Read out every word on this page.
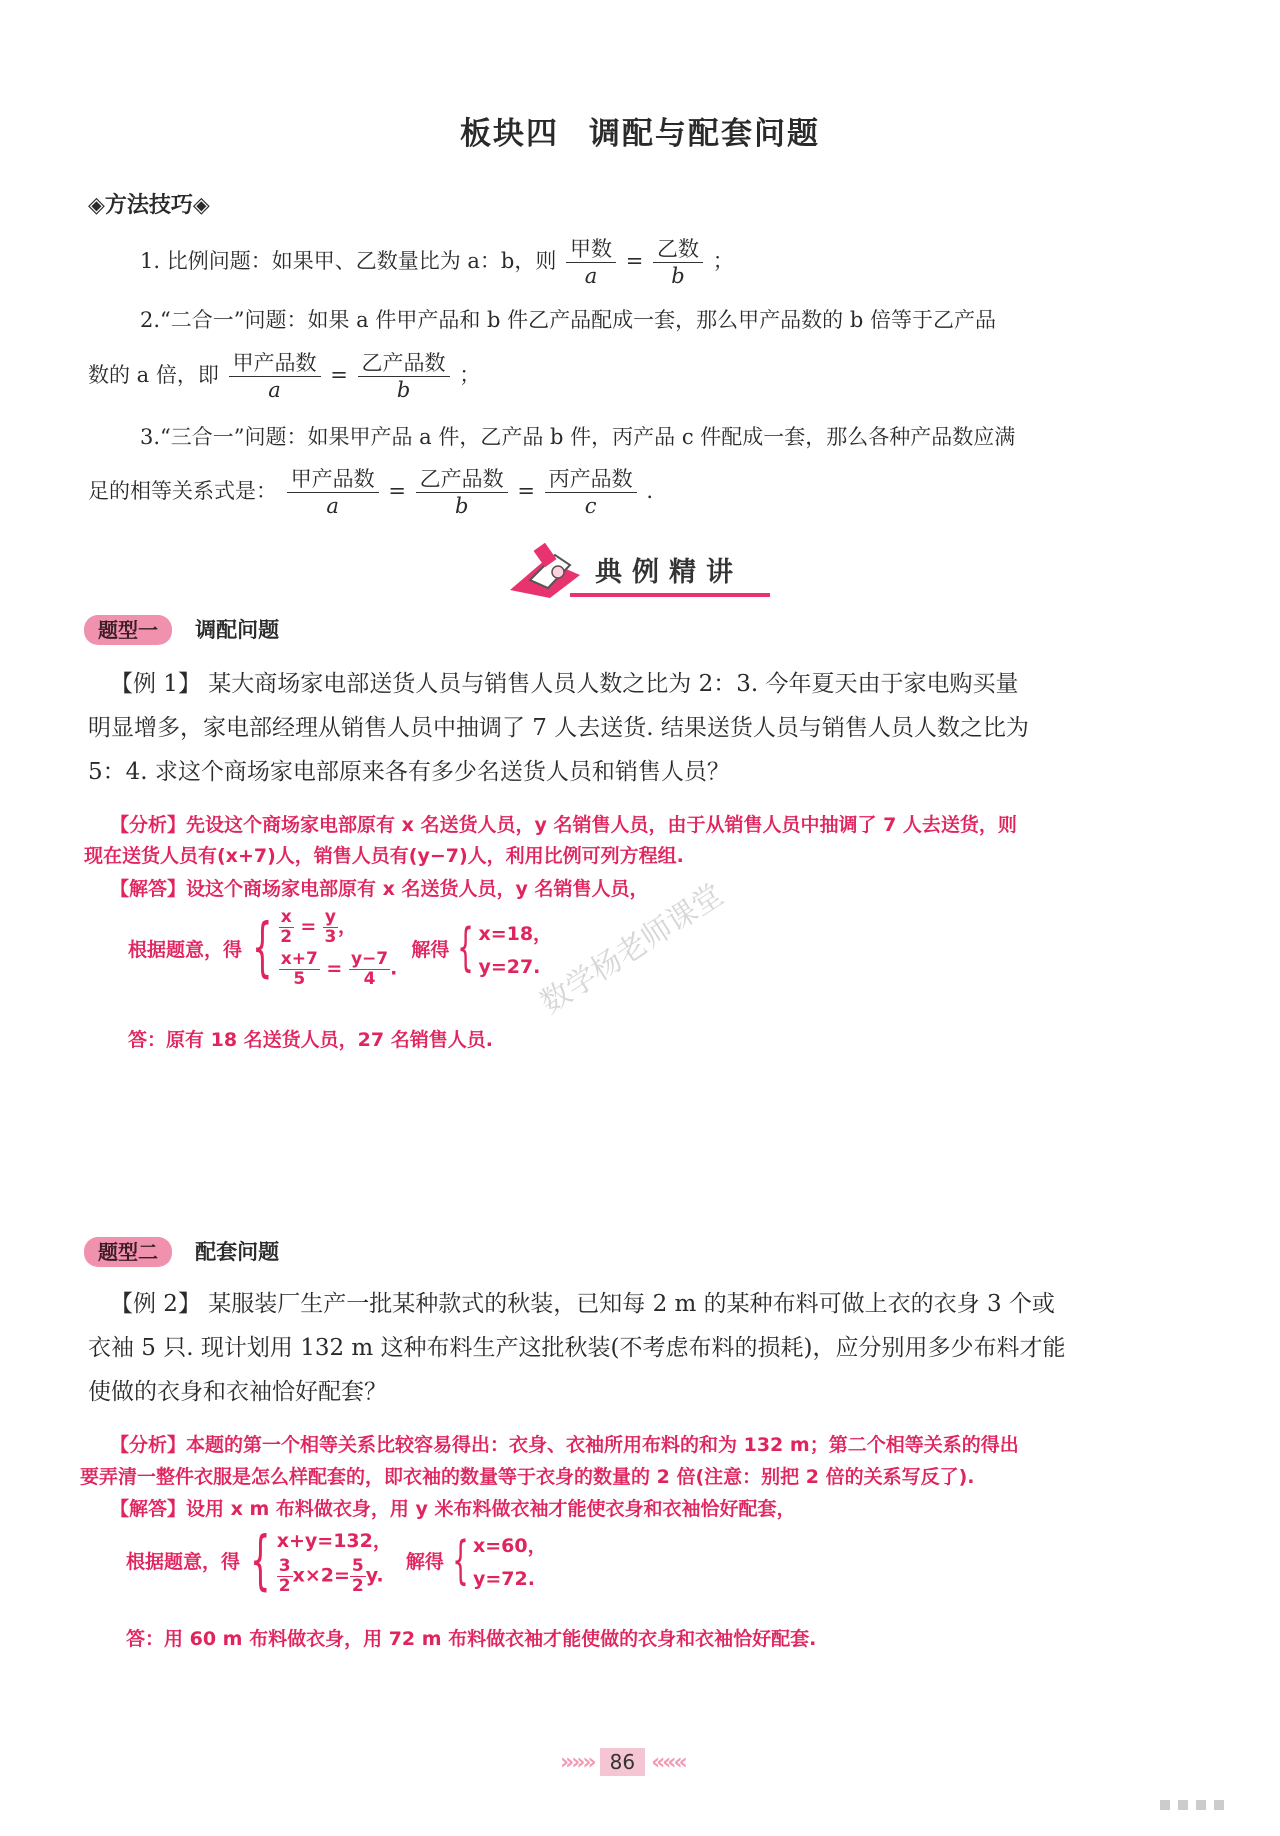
板块四 调配与配套问题
◈方法技巧◈
1. 比例问题：如果甲、乙数量比为 a：b，则 $\frac{\text{甲数}}{a} = \frac{\text{乙数}}{b}$ ；
2.“二合一”问题：如果 a 件甲产品和 b 件乙产品配成一套，那么甲产品数的 b 倍等于乙产品
数的 a 倍，即 $\frac{\text{甲产品数}}{a} = \frac{\text{乙产品数}}{b}$ ；
3.“三合一”问题：如果甲产品 a 件，乙产品 b 件，丙产品 c 件配成一套，那么各种产品数应满
足的相等关系式是： $\frac{\text{甲产品数}}{a} = \frac{\text{乙产品数}}{b} = \frac{\text{丙产品数}}{c}$ .
典例精讲
题型一 调配问题
【例 1】 某大商场家电部送货人员与销售人员人数之比为 2：3. 今年夏天由于家电购买量
明显增多，家电部经理从销售人员中抽调了 7 人去送货. 结果送货人员与销售人员人数之比为
5：4. 求这个商场家电部原来各有多少名送货人员和销售人员？
【分析】先设这个商场家电部原有 x 名送货人员，y 名销售人员，由于从销售人员中抽调了 7 人去送货，则
现在送货人员有(x+7)人，销售人员有(y−7)人，利用比例可列方程组.
【解答】设这个商场家电部原有 x 名送货人员，y 名销售人员，
根据题意，得 { $\frac{x}{2} = \frac{y}{3}$ ，
$\frac{x+7}{5} = \frac{y-7}{4}$ .
解得 { x=18，
y=27.
答：原有 18 名送货人员，27 名销售人员.
数学杨老师课堂
题型二 配套问题
【例 2】 某服装厂生产一批某种款式的秋装，已知每 2 m 的某种布料可做上衣的衣身 3 个或
衣袖 5 只. 现计划用 132 m 这种布料生产这批秋装(不考虑布料的损耗)，应分别用多少布料才能
使做的衣身和衣袖恰好配套？
【分析】本题的第一个相等关系比较容易得出：衣身、衣袖所用布料的和为 132 m；第二个相等关系的得出
要弄清一整件衣服是怎么样配套的，即衣袖的数量等于衣身的数量的 2 倍(注意：别把 2 倍的关系写反了).
【解答】设用 x m 布料做衣身，用 y 米布料做衣袖才能使衣身和衣袖恰好配套，
根据题意，得 { x+y=132，
$\frac{3}{2} x\times 2= \frac{5}{2} y$.
解得 { x=60，
y=72.
答：用 60 m 布料做衣身，用 72 m 布料做衣袖才能使做的衣身和衣袖恰好配套.
»»» 86 «««
